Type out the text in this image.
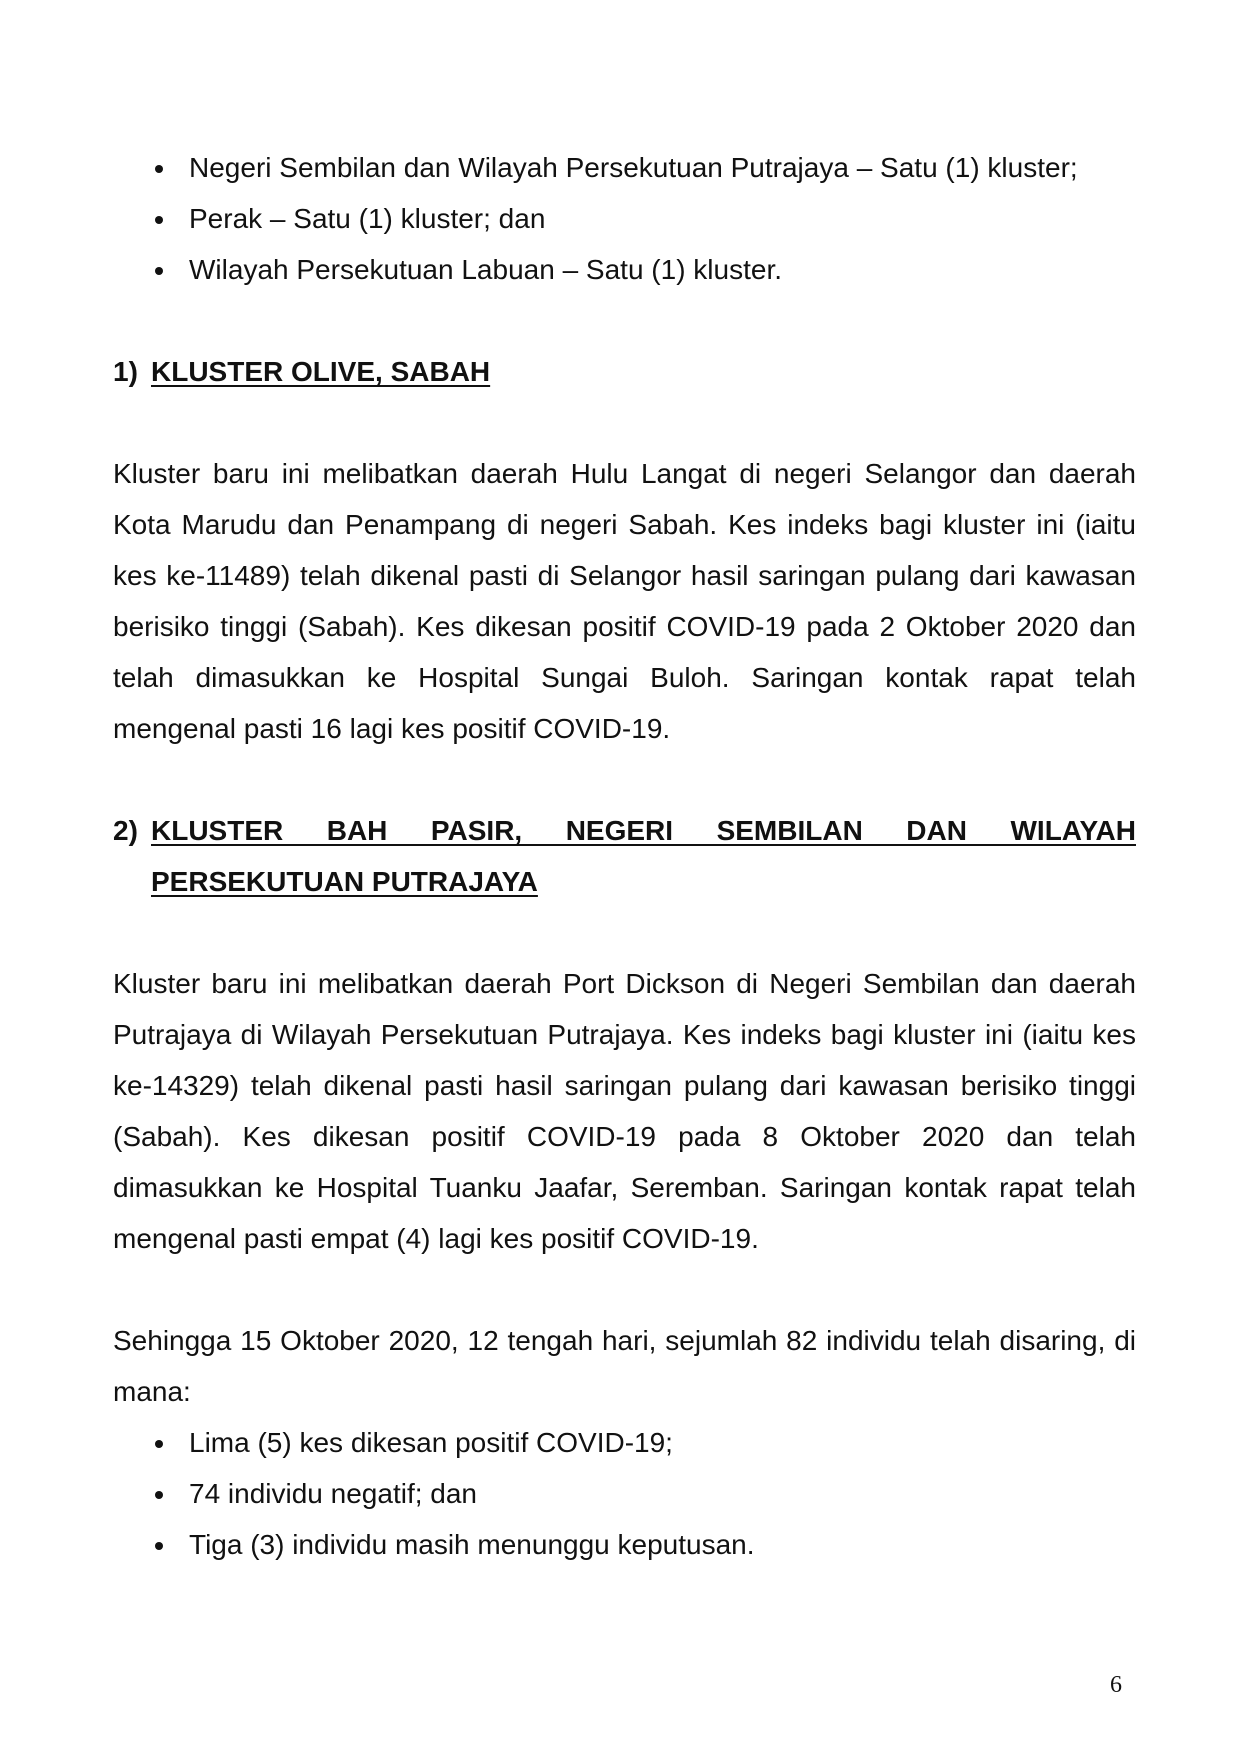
Negeri Sembilan dan Wilayah Persekutuan Putrajaya – Satu (1) kluster;
Perak – Satu (1) kluster; dan
Wilayah Persekutuan Labuan – Satu (1) kluster.
1) KLUSTER OLIVE, SABAH

Kluster baru ini melibatkan daerah Hulu Langat di negeri Selangor dan daerah Kota Marudu dan Penampang di negeri Sabah. Kes indeks bagi kluster ini (iaitu kes ke-11489) telah dikenal pasti di Selangor hasil saringan pulang dari kawasan berisiko tinggi (Sabah). Kes dikesan positif COVID-19 pada 2 Oktober 2020 dan telah dimasukkan ke Hospital Sungai Buloh. Saringan kontak rapat telah mengenal pasti 16 lagi kes positif COVID-19.

2) KLUSTER BAH PASIR, NEGERI SEMBILAN DAN WILAYAH
PERSEKUTUAN PUTRAJAYA

Kluster baru ini melibatkan daerah Port Dickson di Negeri Sembilan dan daerah Putrajaya di Wilayah Persekutuan Putrajaya. Kes indeks bagi kluster ini (iaitu kes ke-14329) telah dikenal pasti hasil saringan pulang dari kawasan berisiko tinggi (Sabah). Kes dikesan positif COVID-19 pada 8 Oktober 2020 dan telah dimasukkan ke Hospital Tuanku Jaafar, Seremban. Saringan kontak rapat telah mengenal pasti empat (4) lagi kes positif COVID-19.

Sehingga 15 Oktober 2020, 12 tengah hari, sejumlah 82 individu telah disaring, di mana:

Lima (5) kes dikesan positif COVID-19;
74 individu negatif; dan
Tiga (3) individu masih menunggu keputusan.
6
